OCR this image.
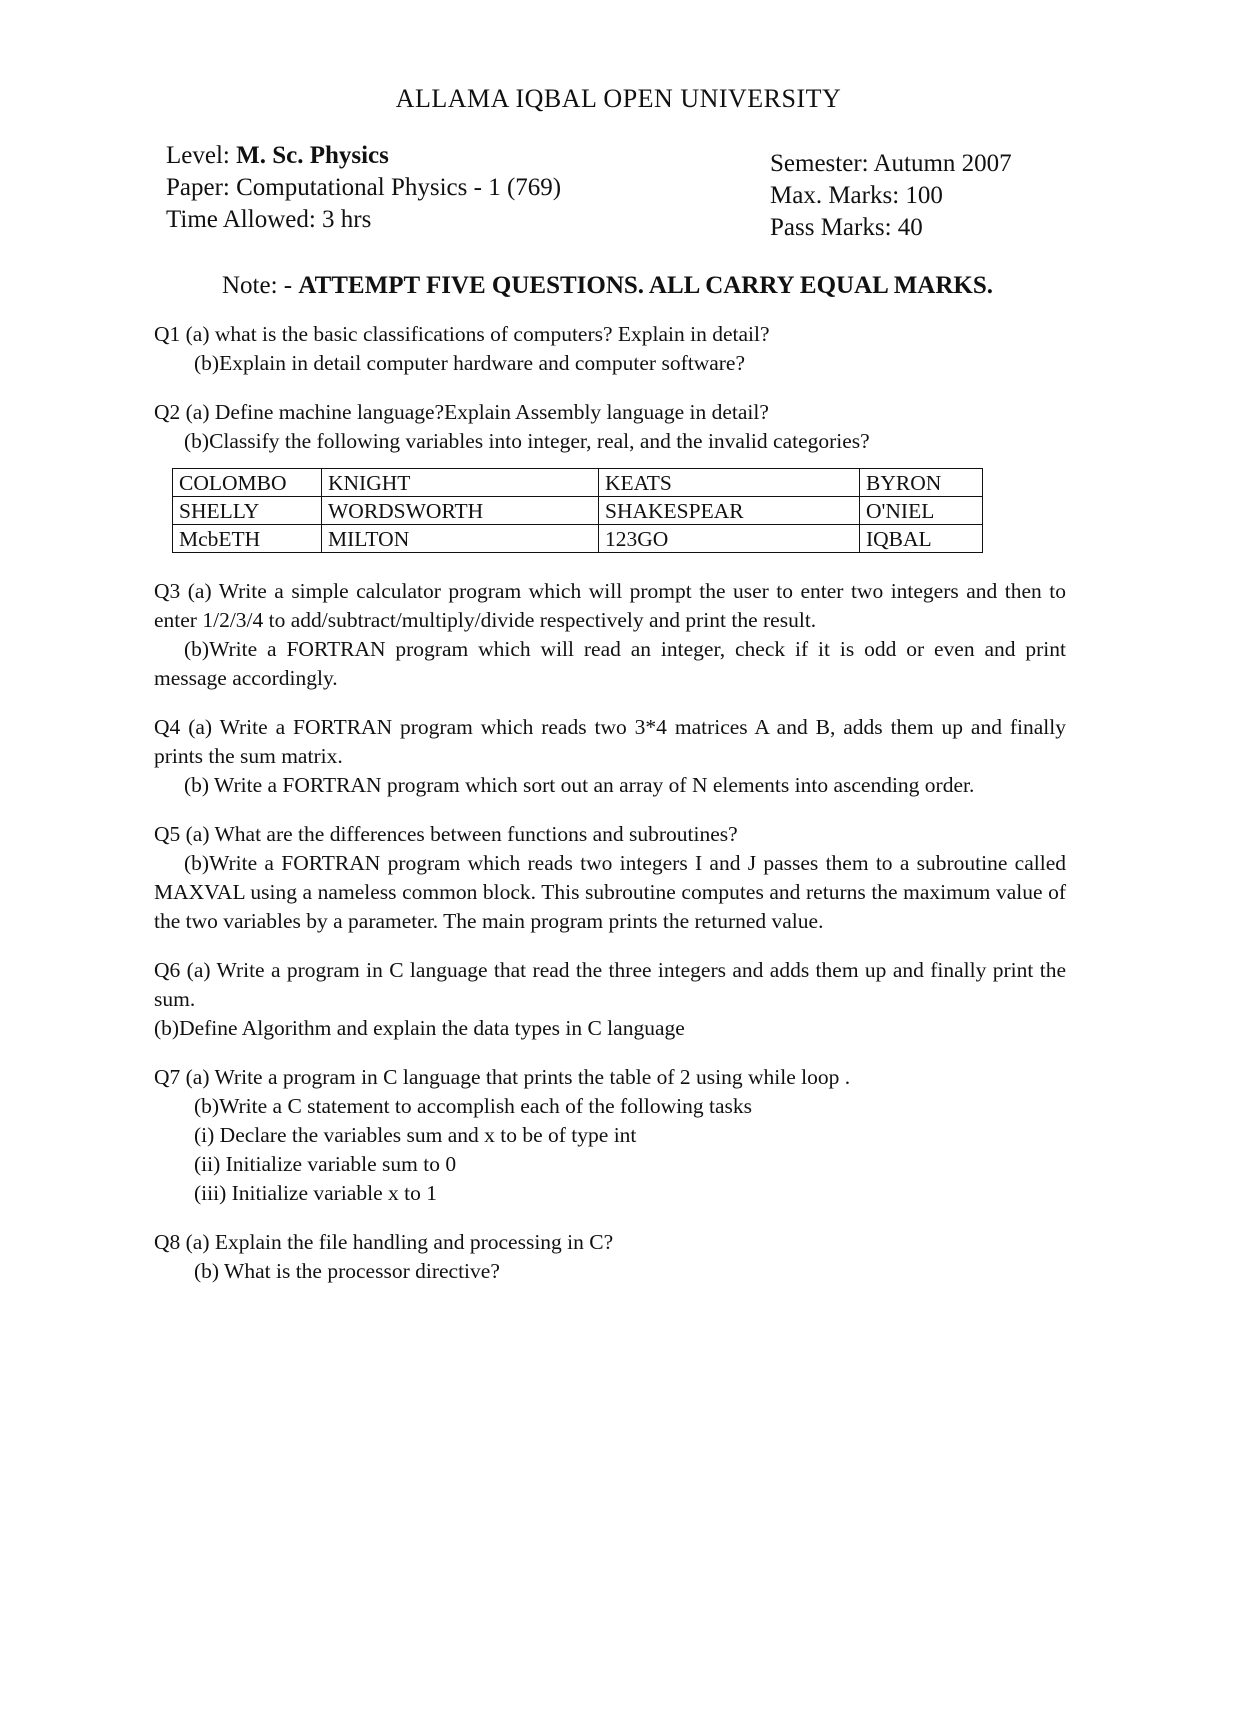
ALLAMA IQBAL OPEN UNIVERSITY
Level: M. Sc. Physics
Paper: Computational Physics - 1 (769)
Time Allowed: 3 hrs
Semester: Autumn 2007
Max. Marks: 100
Pass Marks: 40
Note: - ATTEMPT FIVE QUESTIONS. ALL CARRY EQUAL MARKS.

Q1 (a) what is the basic classifications of computers? Explain in detail?

(b)Explain in detail computer hardware and computer software?

Q2 (a) Define machine language?Explain Assembly language in detail?

(b)Classify the following variables into integer, real, and the invalid categories?

COLOMBO	KNIGHT	KEATS	BYRON
SHELLY	WORDSWORTH	SHAKESPEAR	O'NIEL
McbETH	MILTON	123GO	IQBAL

Q3 (a) Write a simple calculator program which will prompt the user to enter two integers and then to enter 1/2/3/4 to add/subtract/multiply/divide respectively and print the result.

(b)Write a FORTRAN program which will read an integer, check if it is odd or even and print message accordingly.

Q4 (a) Write a FORTRAN program which reads two 3*4 matrices A and B, adds them up and finally prints the sum matrix.

(b) Write a FORTRAN program which sort out an array of N elements into ascending order.

Q5 (a) What are the differences between functions and subroutines?

(b)Write a FORTRAN program which reads two integers I and J passes them to a subroutine called MAXVAL using a nameless common block. This subroutine computes and returns the maximum value of the two variables by a parameter. The main program prints the returned value.

Q6 (a) Write a program in C language that read the three integers and adds them up and finally print the sum.

(b)Define Algorithm and explain the data types in C language

Q7 (a) Write a program in C language that prints the table of 2 using while loop .

(b)Write a C statement to accomplish each of the following tasks

(i) Declare the variables sum and x to be of type int

(ii) Initialize variable sum to 0

(iii) Initialize variable x to 1

Q8 (a) Explain the file handling and processing in C?

(b) What is the processor directive?
